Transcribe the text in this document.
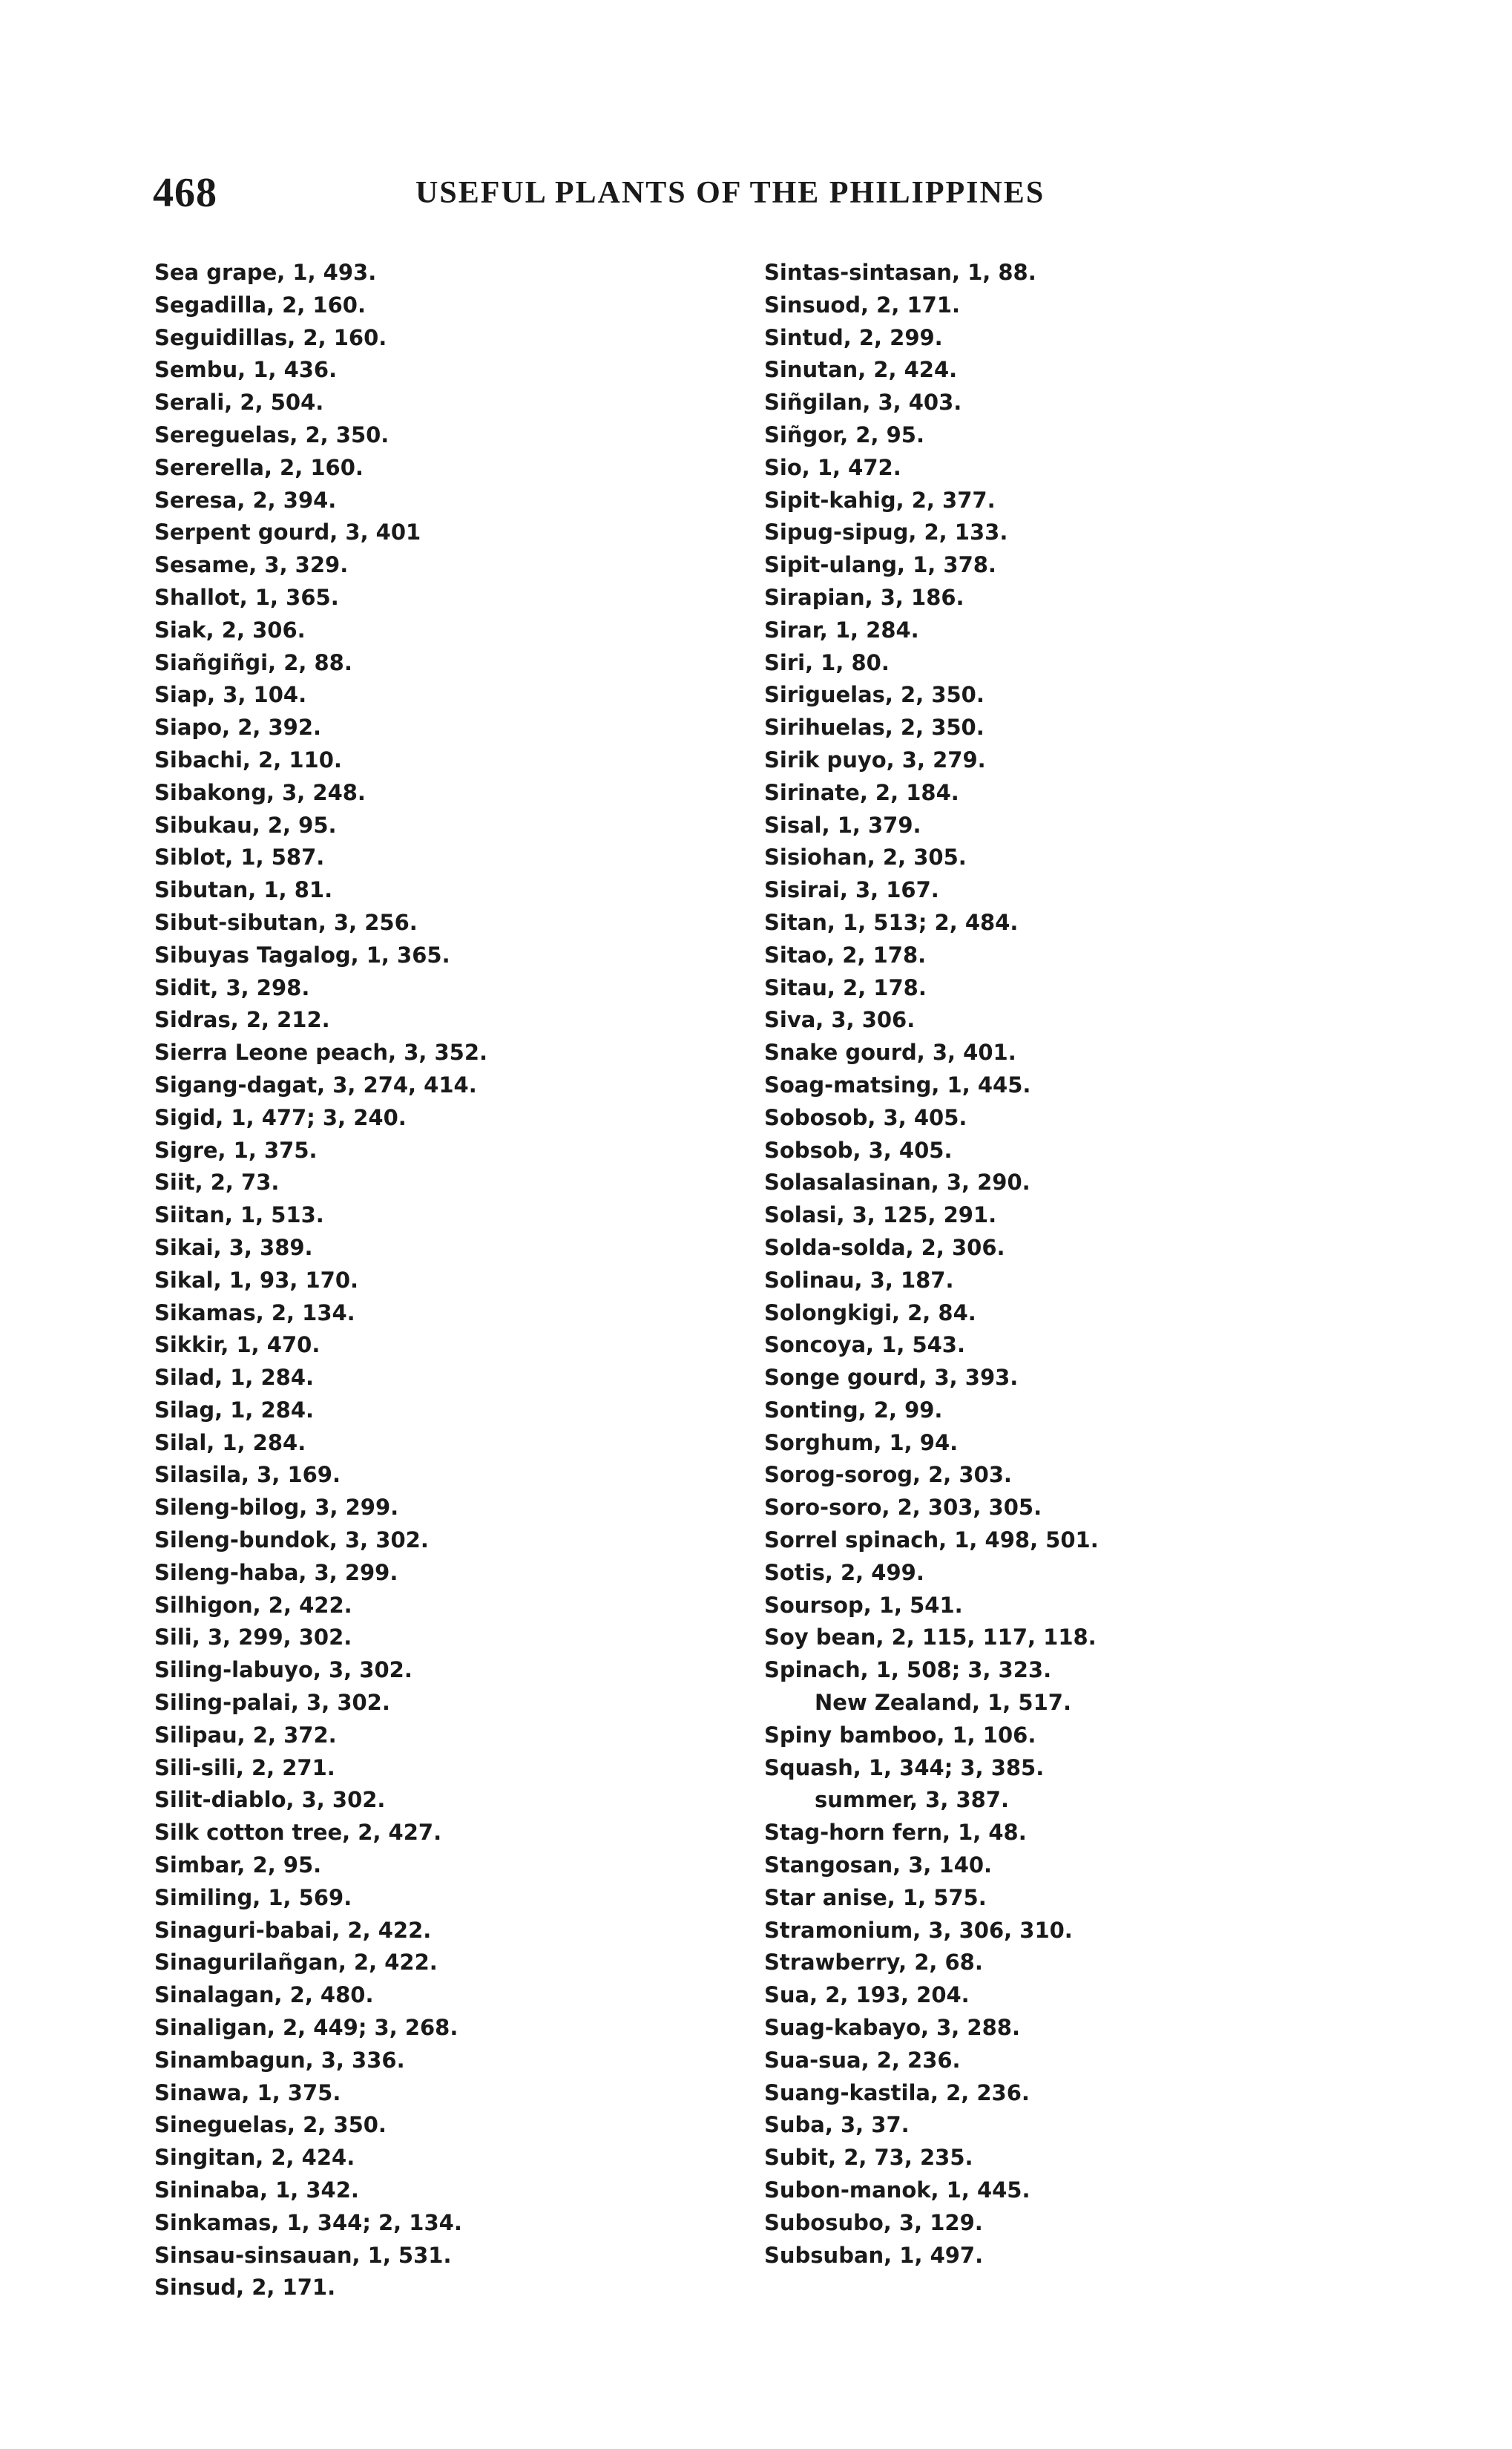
468	USEFUL PLANTS OF THE PHILIPPINES
Sea grape, 1, 493.
Segadilla, 2, 160.
Seguidillas, 2, 160.
Sembu, 1, 436.
Serali, 2, 504.
Sereguelas, 2, 350.
Sererella, 2, 160.
Seresa, 2, 394.
Serpent gourd, 3, 401
Sesame, 3, 329.
Shallot, 1, 365.
Siak, 2, 306.
Siañgiñgi, 2, 88.
Siap, 3, 104.
Siapo, 2, 392.
Sibachi, 2, 110.
Sibakong, 3, 248.
Sibukau, 2, 95.
Siblot, 1, 587.
Sibutan, 1, 81.
Sibut-sibutan, 3, 256.
Sibuyas Tagalog, 1, 365.
Sidit, 3, 298.
Sidras, 2, 212.
Sierra Leone peach, 3, 352.
Sigang-dagat, 3, 274, 414.
Sigid, 1, 477; 3, 240.
Sigre, 1, 375.
Siit, 2, 73.
Siitan, 1, 513.
Sikai, 3, 389.
Sikal, 1, 93, 170.
Sikamas, 2, 134.
Sikkir, 1, 470.
Silad, 1, 284.
Silag, 1, 284.
Silal, 1, 284.
Silasila, 3, 169.
Sileng-bilog, 3, 299.
Sileng-bundok, 3, 302.
Sileng-haba, 3, 299.
Silhigon, 2, 422.
Sili, 3, 299, 302.
Siling-labuyo, 3, 302.
Siling-palai, 3, 302.
Silipau, 2, 372.
Sili-sili, 2, 271.
Silit-diablo, 3, 302.
Silk cotton tree, 2, 427.
Simbar, 2, 95.
Similing, 1, 569.
Sinaguri-babai, 2, 422.
Sinagurilañgan, 2, 422.
Sinalagan, 2, 480.
Sinaligan, 2, 449; 3, 268.
Sinambagun, 3, 336.
Sinawa, 1, 375.
Sineguelas, 2, 350.
Singitan, 2, 424.
Sininaba, 1, 342.
Sinkamas, 1, 344; 2, 134.
Sinsau-sinsauan, 1, 531.
Sinsud, 2, 171.
Sintas-sintasan, 1, 88.
Sinsuod, 2, 171.
Sintud, 2, 299.
Sinutan, 2, 424.
Siñgilan, 3, 403.
Siñgor, 2, 95.
Sio, 1, 472.
Sipit-kahig, 2, 377.
Sipug-sipug, 2, 133.
Sipit-ulang, 1, 378.
Sirapian, 3, 186.
Sirar, 1, 284.
Siri, 1, 80.
Siriguelas, 2, 350.
Sirihuelas, 2, 350.
Sirik puyo, 3, 279.
Sirinate, 2, 184.
Sisal, 1, 379.
Sisiohan, 2, 305.
Sisirai, 3, 167.
Sitan, 1, 513; 2, 484.
Sitao, 2, 178.
Sitau, 2, 178.
Siva, 3, 306.
Snake gourd, 3, 401.
Soag-matsing, 1, 445.
Sobosob, 3, 405.
Sobsob, 3, 405.
Solasalasinan, 3, 290.
Solasi, 3, 125, 291.
Solda-solda, 2, 306.
Solinau, 3, 187.
Solongkigi, 2, 84.
Soncoya, 1, 543.
Songe gourd, 3, 393.
Sonting, 2, 99.
Sorghum, 1, 94.
Sorog-sorog, 2, 303.
Soro-soro, 2, 303, 305.
Sorrel spinach, 1, 498, 501.
Sotis, 2, 499.
Soursop, 1, 541.
Soy bean, 2, 115, 117, 118.
Spinach, 1, 508; 3, 323.
New Zealand, 1, 517.
Spiny bamboo, 1, 106.
Squash, 1, 344; 3, 385.
summer, 3, 387.
Stag-horn fern, 1, 48.
Stangosan, 3, 140.
Star anise, 1, 575.
Stramonium, 3, 306, 310.
Strawberry, 2, 68.
Sua, 2, 193, 204.
Suag-kabayo, 3, 288.
Sua-sua, 2, 236.
Suang-kastila, 2, 236.
Suba, 3, 37.
Subit, 2, 73, 235.
Subon-manok, 1, 445.
Subosubo, 3, 129.
Subsuban, 1, 497.
